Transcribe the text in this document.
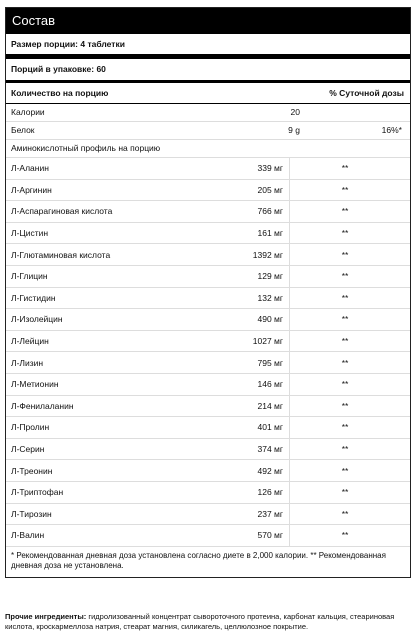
Состав
Размер порции: 4 таблетки
Порций в упаковке: 60
Количество на порцию	% Суточной дозы
Калории	20
Белок	9 g	16%*
Аминокислотный профиль на порцию
Л-Аланин	339 мг	**
Л-Аргинин	205 мг	**
Л-Аспарагиновая кислота	766 мг	**
Л-Цистин	161 мг	**
Л-Глютаминовая кислота	1392 мг	**
Л-Глицин	129 мг	**
Л-Гистидин	132 мг	**
Л-Изолейцин	490 мг	**
Л-Лейцин	1027 мг	**
Л-Лизин	795 мг	**
Л-Метионин	146 мг	**
Л-Фенилаланин	214 мг	**
Л-Пролин	401 мг	**
Л-Серин	374 мг	**
Л-Треонин	492 мг	**
Л-Триптофан	126 мг	**
Л-Тирозин	237 мг	**
Л-Валин	570 мг	**
* Рекомендованная дневная доза установлена согласно диете в 2,000 калории. ** Рекомендованная дневная доза не установлена.
Прочие ингредиенты: гидролизованный концентрат сывороточного протеина, карбонат кальция, стеариновая кислота, кроскармеллоза натрия, стеарат магния, силикагель, целлюлозное покрытие.
